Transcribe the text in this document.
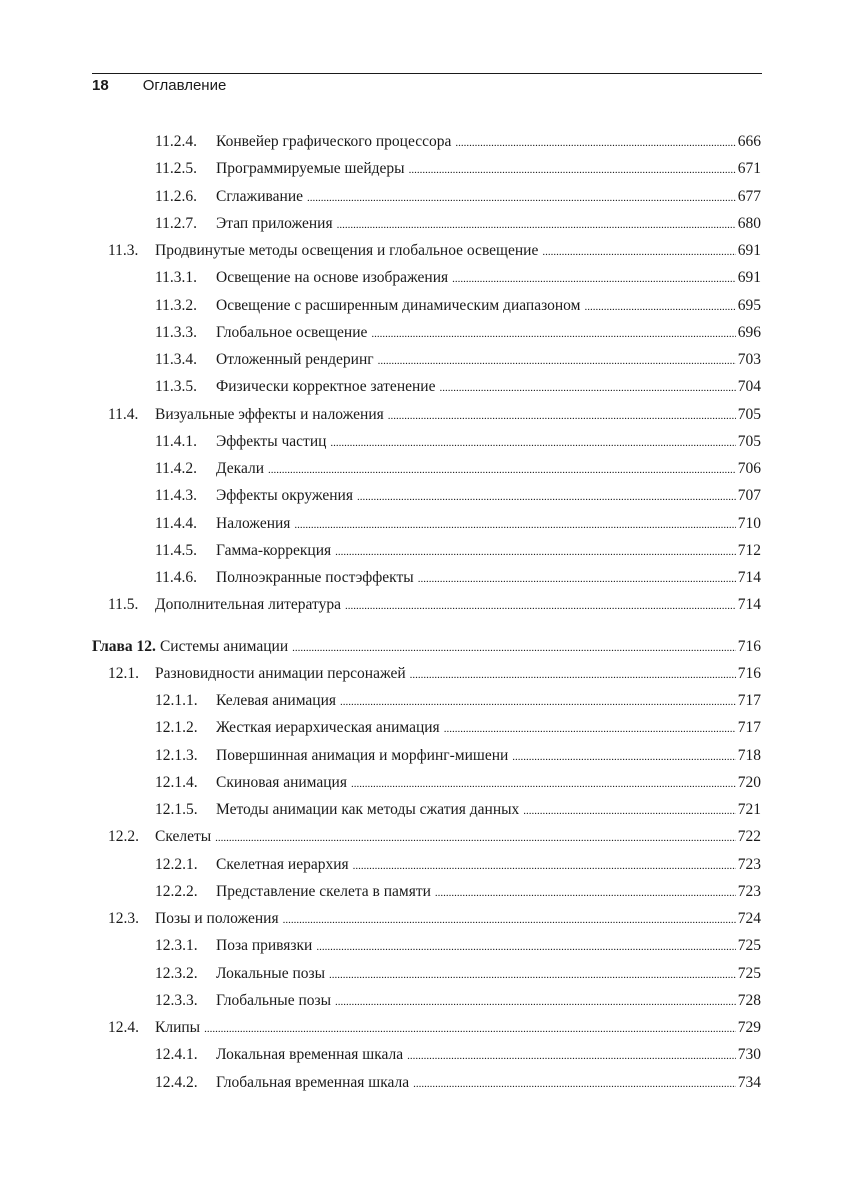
18 Оглавление
11.2.4.	Конвейер графического процессора .....	666
11.2.5.	Программируемые шейдеры .....	671
11.2.6.	Сглаживание .....	677
11.2.7.	Этап приложения .....	680
11.3.	Продвинутые методы освещения и глобальное освещение .....	691
11.3.1.	Освещение на основе изображения .....	691
11.3.2.	Освещение с расширенным динамическим диапазоном .....	695
11.3.3.	Глобальное освещение .....	696
11.3.4.	Отложенный рендеринг .....	703
11.3.5.	Физически корректное затенение .....	704
11.4.	Визуальные эффекты и наложения .....	705
11.4.1.	Эффекты частиц .....	705
11.4.2.	Декали .....	706
11.4.3.	Эффекты окружения .....	707
11.4.4.	Наложения .....	710
11.4.5.	Гамма-коррекция .....	712
11.4.6.	Полноэкранные постэффекты .....	714
11.5.	Дополнительная литература .....	714
Глава 12. Системы анимации .....	716
12.1.	Разновидности анимации персонажей .....	716
12.1.1.	Келевая анимация .....	717
12.1.2.	Жесткая иерархическая анимация .....	717
12.1.3.	Повершинная анимация и морфинг-мишени .....	718
12.1.4.	Скиновая анимация .....	720
12.1.5.	Методы анимации как методы сжатия данных .....	721
12.2.	Скелеты .....	722
12.2.1.	Скелетная иерархия .....	723
12.2.2.	Представление скелета в памяти .....	723
12.3.	Позы и положения .....	724
12.3.1.	Поза привязки .....	725
12.3.2.	Локальные позы .....	725
12.3.3.	Глобальные позы .....	728
12.4.	Клипы .....	729
12.4.1.	Локальная временная шкала .....	730
12.4.2.	Глобальная временная шкала .....	734
